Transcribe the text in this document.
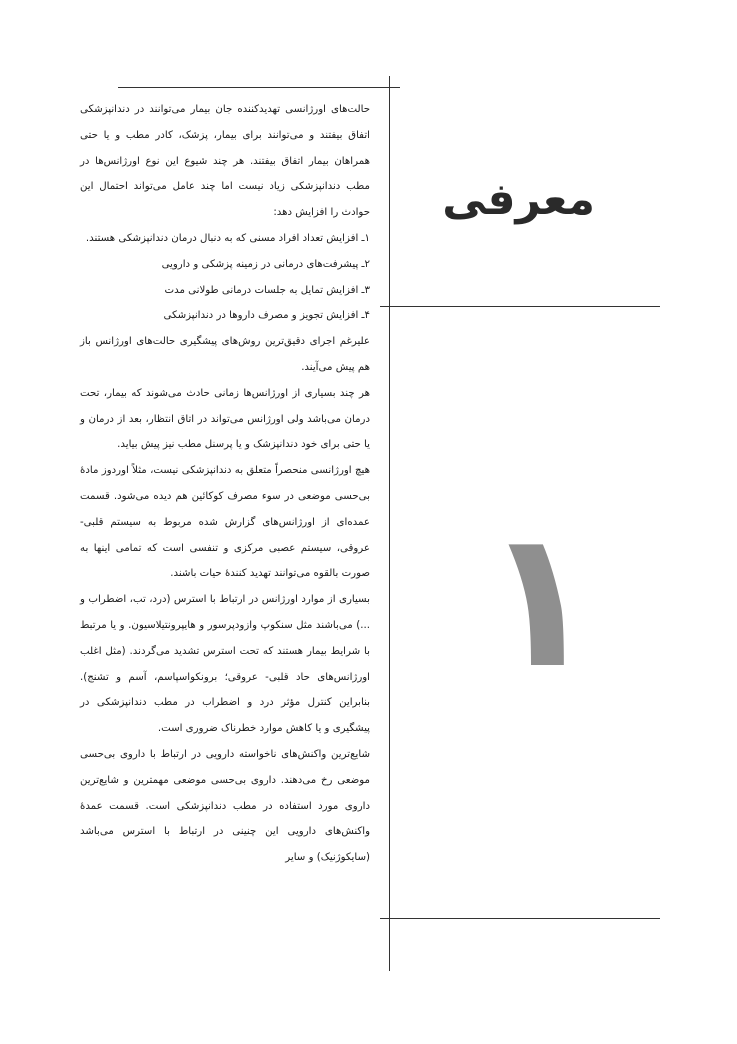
معرفی
۱

حالت‌های اورژانسی تهدیدکننده جان بیمار می‌توانند در دندانپزشکی اتفاق بیفتند و می‌توانند برای بیمار، پزشک، کادر مطب و یا حتی همراهان بیمار اتفاق بیفتند. هر چند شیوع این نوع اورژانس‌ها در مطب دندانپزشکی زیاد نیست اما چند عامل می‌تواند احتمال این حوادث را افزایش دهد:

۱ـ افزایش تعداد افراد مسنی که به دنبال درمان دندانپزشکی هستند.

۲ـ پیشرفت‌های درمانی در زمینه پزشکی و دارویی

۳ـ افزایش تمایل به جلسات درمانی طولانی مدت

۴ـ افزایش تجویز و مصرف داروها در دندانپزشکی

علیرغم اجرای دقیق‌ترین روش‌های پیشگیری حالت‌های اورژانس باز هم پیش می‌آیند.

هر چند بسیاری از اورژانس‌ها زمانی حادث می‌شوند که بیمار، تحت درمان می‌باشد ولی اورژانس می‌تواند در اتاق انتظار، بعد از درمان و یا حتی برای خود دندانپزشک و یا پرسنل مطب نیز پیش بیاید.

هیچ اورژانسی منحصراً متعلق به دندانپزشکی نیست، مثلاً اوردوز مادهٔ بی‌حسی موضعی در سوء مصرف کوکائین هم دیده می‌شود. قسمت عمده‌ای از اورژانس‌های گزارش شده مربوط به سیستم قلبی- عروقی، سیستم عصبی مرکزی و تنفسی است که تمامی اینها به صورت بالقوه می‌توانند تهدید کنندهٔ حیات باشند.

بسیاری از موارد اورژانس در ارتباط با استرس (درد، تب، اضطراب و ...) می‌باشند مثل سنکوپ وازودپرسور و هایپرونتیلاسیون. و یا مرتبط با شرایط بیمار هستند که تحت استرس تشدید می‌گردند. (مثل اغلب اورژانس‌های حاد قلبی- عروقی؛ برونکواسپاسم، آسم و تشنج). بنابراین کنترل مؤثر درد و اضطراب در مطب دندانپزشکی در پیشگیری و یا کاهش موارد خطرناک ضروری است.

شایع‌ترین واکنش‌های ناخواسته دارویی در ارتباط با داروی بی‌حسی موضعی رخ می‌دهند. داروی بی‌حسی موضعی مهمترین و شایع‌ترین داروی مورد استفاده در مطب دندانپزشکی است. قسمت عمدهٔ واکنش‌های دارویی این چنینی در ارتباط با استرس می‌باشد (سایکوژنیک) و سایر
